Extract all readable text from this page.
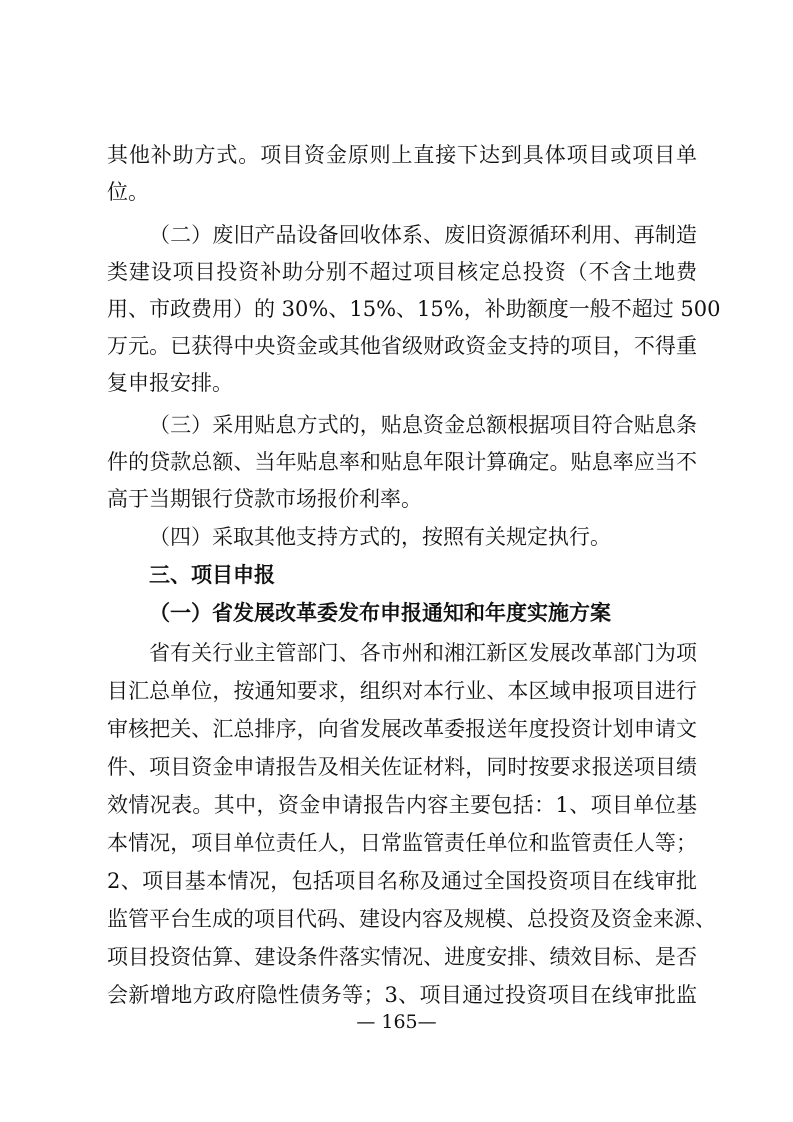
其他补助方式。项目资金原则上直接下达到具体项目或项目单
位。
（二）废旧产品设备回收体系、废旧资源循环利用、再制造
类建设项目投资补助分别不超过项目核定总投资（不含土地费
用、市政费用）的 30%、15%、15%，补助额度一般不超过 500
万元。已获得中央资金或其他省级财政资金支持的项目，不得重
复申报安排。
（三）采用贴息方式的，贴息资金总额根据项目符合贴息条
件的贷款总额、当年贴息率和贴息年限计算确定。贴息率应当不
高于当期银行贷款市场报价利率。
（四）采取其他支持方式的，按照有关规定执行。
三、项目申报
（一）省发展改革委发布申报通知和年度实施方案
省有关行业主管部门、各市州和湘江新区发展改革部门为项
目汇总单位，按通知要求，组织对本行业、本区域申报项目进行
审核把关、汇总排序，向省发展改革委报送年度投资计划申请文
件、项目资金申请报告及相关佐证材料，同时按要求报送项目绩
效情况表。其中，资金申请报告内容主要包括：1、项目单位基
本情况，项目单位责任人，日常监管责任单位和监管责任人等；
2、项目基本情况，包括项目名称及通过全国投资项目在线审批
监管平台生成的项目代码、建设内容及规模、总投资及资金来源、
项目投资估算、建设条件落实情况、进度安排、绩效目标、是否
会新增地方政府隐性债务等；3、项目通过投资项目在线审批监
— 165—
